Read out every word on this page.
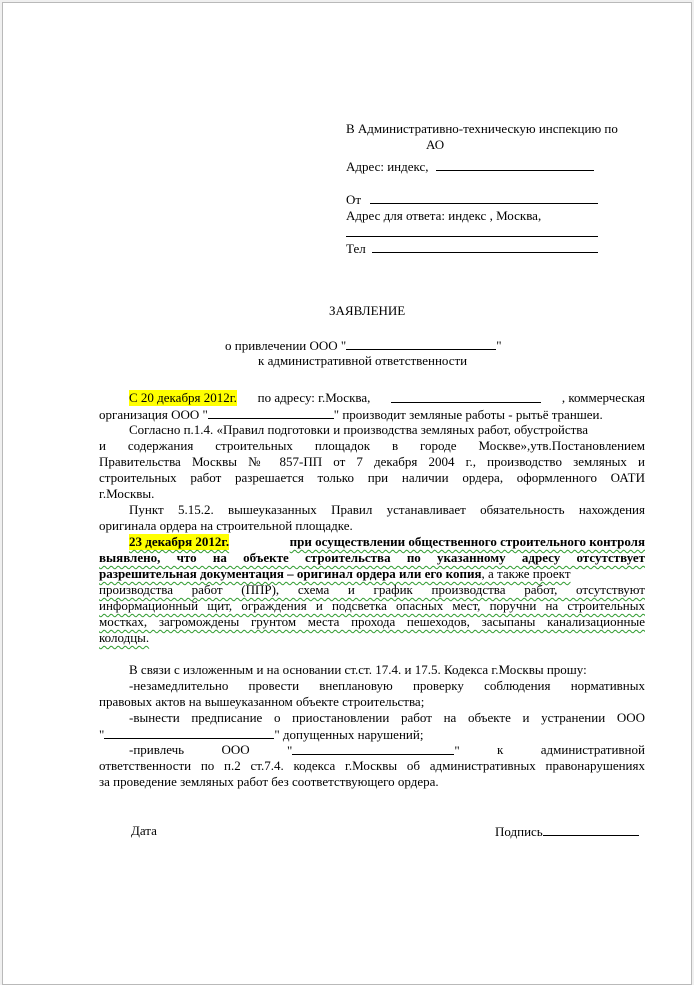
В Административно-техническую инспекцию по
АО
Адрес: индекс,
От
Адрес для ответа: индекс , Москва,
Тел
ЗАЯВЛЕНИЕ
о привлечении ООО "	"
к административной ответственности
С 20 декабря 2012г. по адресу: г.Москва,	, коммерческая
организация ООО "	" производит земляные работы - рытьё траншеи.
Согласно п.1.4. «Правил подготовки и производства земляных работ, обустройства
и содержания строительных площадок в городе Москве»,утв.Постановлением
Правительства Москвы № 857-ПП от 7 декабря 2004 г., производство земляных и
строительных работ разрешается только при наличии ордера, оформленного ОАТИ
г.Москвы.
Пункт 5.15.2. вышеуказанных Правил устанавливает обязательность нахождения
оригинала ордера на строительной площадке.
23 декабря 2012г.	при осуществлении общественного строительного контроля
выявлено, что на объекте строительства по указанному адресу отсутствует
разрешительная документация – оригинал ордера или его копия, а также проект
производства работ (ППР), схема и график производства работ, отсутствуют
информационный щит, ограждения и подсветка опасных мест, поручни на строительных
мостках, загромождены грунтом места прохода пешеходов, засыпаны канализационные
колодцы.
В связи с изложенным и на основании ст.ст. 17.4. и 17.5. Кодекса г.Москвы прошу:
-незамедлительно провести внеплановую проверку соблюдения нормативных
правовых актов на вышеуказанном объекте строительства;
-вынести предписание о приостановлении работ на объекте и устранении ООО
"	" допущенных нарушений;
-привлечь	ООО	"	"	к	административной
ответственности по п.2 ст.7.4. кодекса г.Москвы об административных правонарушениях
за проведение земляных работ без соответствующего ордера.
Дата	Подпись
